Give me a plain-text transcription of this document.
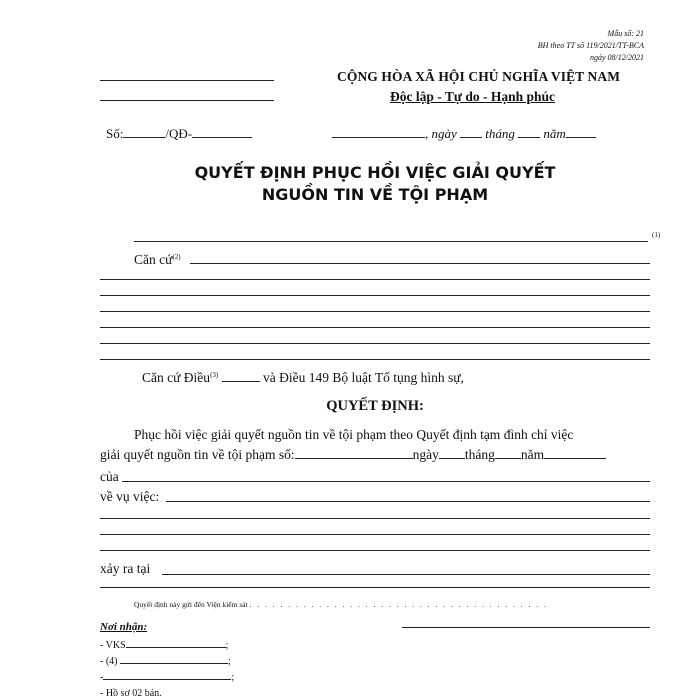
Mẫu số: 21
BH theo TT số 119/2021/TT-BCA
ngày 08/12/2021
CỘNG HÒA XÃ HỘI CHỦ NGHĨA VIỆT NAM
Độc lập - Tự do - Hạnh phúc
Số:	/QĐ-	, ngày tháng năm
QUYẾT ĐỊNH PHỤC HỒI VIỆC GIẢI QUYẾT
NGUỒN TIN VỀ TỘI PHẠM
(1)
Căn cứ$^{(2)}$
Căn cứ Điều$^{(3)}$	và Điều 149 Bộ luật Tố tụng hình sự,
QUYẾT ĐỊNH:
Phục hồi việc giải quyết nguồn tin về tội phạm theo Quyết định tạm đình chỉ việc
giải quyết nguồn tin về tội phạm số:	ngày tháng năm
của
về vụ việc:
xảy ra tại
Quyết định này gửi đến Viện kiểm sát . . . . . . . . . . . . . . . . . . . . . . . . . . . . . . . . . . . . . . .
Nơi nhận:
- VKS	;
- (4)	;
-	;
- Hồ sơ 02 bản.
